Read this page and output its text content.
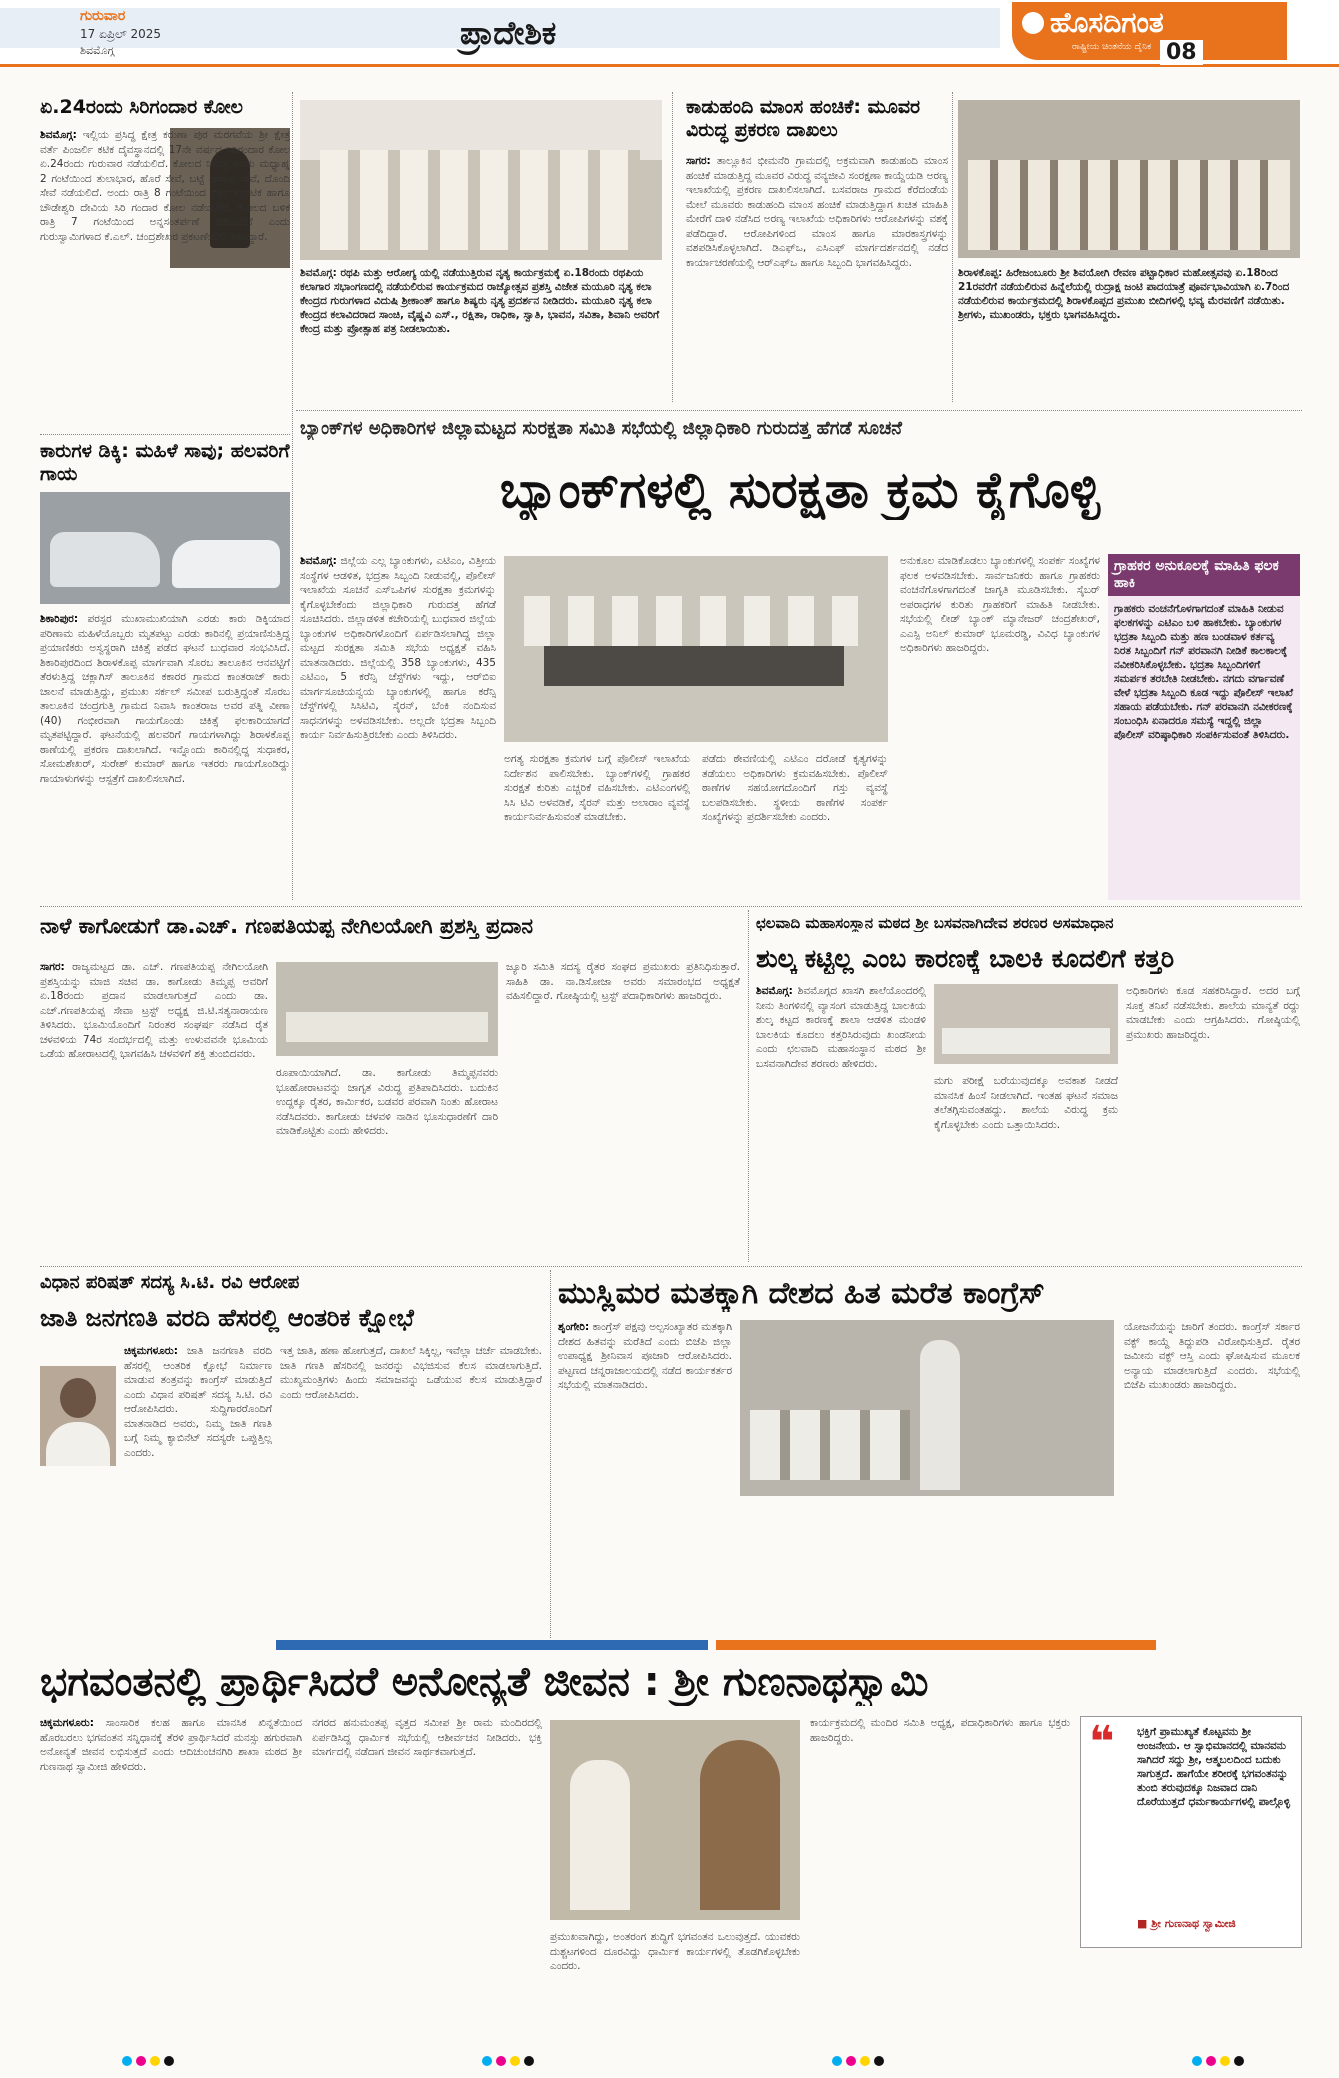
ಗುರುವಾರ
17 ಏಪ್ರಿಲ್ 2025
ಶಿವಮೊಗ್ಗ	ಪ್ರಾದೇಶಿಕ	ಹೊಸದಿಗಂತ
ರಾಷ್ಟ್ರೀಯ ಚಿಂತನೆಯ ದೈನಿಕ 08
ಏ.24ರಂದು ಸಿರಿಗಂದಾರ ಕೋಲ
ಶಿವಮೊಗ್ಗ: ಇಲ್ಲಿಯ ಪ್ರಸಿದ್ಧ ಕ್ಷೇತ್ರ ಕರುಣಾ ಪುರ ಮರಗವೆಯ ಶ್ರೀ ಕ್ಷೇತ್ರ ವರ್ತೆ ಪಿಂಜರ್ಲಿ ಕಟಿಕ ದೈವಸ್ಥಾನದಲ್ಲಿ 17ನೇ ವರ್ಷದ ಸಿರಿಗಂದಾರ ಕೋಲ ಏ.24ರಂದು ಗುರುವಾರ ನಡೆಯಲಿದೆ. ಕೋಲದ ನಿಮಿತ್ತ ಅಂದು ಮಧ್ಯಾಹ್ನ 2 ಗಂಟೆಯಿಂದ ತುಲಾಭಾರ, ಹೊರೆ ಸೇವೆ, ಬಟ್ಟೆ ಹಾಸುವ ಸೇವೆ, ದೊಂದಿ ಸೇವೆ ನಡೆಯಲಿದೆ. ಅಂದು ರಾತ್ರಿ 8 ಗಂಟೆಯಿಂದ ವರ್ತೆ ಕಲ್ಲುಟಿಕ ಹಾಗೂ ಚೌಡೇಶ್ವರಿ ದೇವಿಯ ಸಿರಿ ಗಂದಾರ ಕೋಲ ನಡೆಯಲಿದೆ. ಕೋಲದ ಬಳಿಕ ರಾತ್ರಿ 7 ಗಂಟೆಯಿಂದ ಅನ್ನಸಂತರ್ಪಣೆ ನಡೆಯಲಿದೆ ಎಂದು ಗುರುಸ್ವಾಮಿಗಳಾದ ಕೆ.ಎಲ್. ಚಂದ್ರಶೇಖರ ಪ್ರಕಟಣೆಯಲ್ಲಿ ತಿಳಿಸಿದ್ದಾರೆ.
ಕಾರುಗಳ ಡಿಕ್ಕಿ: ಮಹಿಳೆ ಸಾವು; ಹಲವರಿಗೆ ಗಾಯ
ಶಿಕಾರಿಪುರ: ಪರಸ್ಪರ ಮುಖಾಮುಖಿಯಾಗಿ ಎರಡು ಕಾರು ಡಿಕ್ಕಿಯಾದ ಪರಿಣಾಮ ಮಹಿಳೆಯೊಬ್ಬರು ಮೃತಪಟ್ಟು ಎರಡು ಕಾರಿನಲ್ಲಿ ಪ್ರಯಾಣಿಸುತ್ತಿದ್ದ ಪ್ರಯಾಣಿಕರು ಅಸ್ವಸ್ಥರಾಗಿ ಚಿಕಿತ್ಸೆ ಪಡೆದ ಘಟನೆ ಬುಧವಾರ ಸಂಭವಿಸಿದೆ. ಶಿಕಾರಿಪುರದಿಂದ ಶಿರಾಳಕೊಪ್ಪ ಮಾರ್ಗವಾಗಿ ಸೊರಬ ತಾಲೂಕಿನ ಆನವಟ್ಟಿಗೆ ತೆರಳುತ್ತಿದ್ದ ಚಕ್ಲಾಗಿಸ್ ತಾಲೂಕಿನ ಕಕಾರರ ಗ್ರಾಮದ ಕಾಂತರಾಜ್ ಕಾರು ಚಾಲನೆ ಮಾಡುತ್ತಿದ್ದು, ಪ್ರಮುಖ ಸರ್ಕಲ್ ಸಮೀಪ ಬರುತ್ತಿದ್ದಂತೆ ಸೊರಬ ತಾಲೂಕಿನ ಚಂದ್ರಗುತ್ತಿ ಗ್ರಾಮದ ನಿವಾಸಿ ಕಾಂತರಾಜ ಅವರ ಪತ್ನಿ ವೀಣಾ (40) ಗಂಭೀರವಾಗಿ ಗಾಯಗೊಂಡು ಚಿಕಿತ್ಸೆ ಫಲಕಾರಿಯಾಗದೆ ಮೃತಪಟ್ಟಿದ್ದಾರೆ. ಘಟನೆಯಲ್ಲಿ ಹಲವರಿಗೆ ಗಾಯಗಳಾಗಿದ್ದು ಶಿರಾಳಕೊಪ್ಪ ಠಾಣೆಯಲ್ಲಿ ಪ್ರಕರಣ ದಾಖಲಾಗಿದೆ. ಇನ್ನೊಂದು ಕಾರಿನಲ್ಲಿದ್ದ ಸುಧಾಕರ, ಸೋಮಶೇಖರ್, ಸುರೇಶ್ ಕುಮಾರ್ ಹಾಗೂ ಇತರರು ಗಾಯಗೊಂಡಿದ್ದು ಗಾಯಾಳುಗಳನ್ನು ಆಸ್ಪತ್ರೆಗೆ ದಾಖಲಿಸಲಾಗಿದೆ.
ಶಿವಮೊಗ್ಗ: ರಥಪಿ ಮತ್ತು ಆರೋಗ್ಯ ಯಲ್ಲಿ ನಡೆಯುತ್ತಿರುವ ನೃತ್ಯ ಕಾರ್ಯಕ್ರಮಕ್ಕೆ ಏ.18ರಂದು ರಥಪಿಯ ಕಲಾಗಾರ ಸಭಾಂಗಣದಲ್ಲಿ ನಡೆಯಲಿರುವ ಕಾರ್ಯಕ್ರಮದ ರಾಜ್ಯೋತ್ಸವ ಪ್ರಶಸ್ತಿ ವಿಜೇತ ಮಯೂರಿ ನೃತ್ಯ ಕಲಾ ಕೇಂದ್ರದ ಗುರುಗಳಾದ ವಿದುಷಿ ಶ್ರೀಕಾಂತ್ ಹಾಗೂ ಶಿಷ್ಯರು ನೃತ್ಯ ಪ್ರದರ್ಶನ ನೀಡಿದರು. ಮಯೂರಿ ನೃತ್ಯ ಕಲಾ ಕೇಂದ್ರದ ಕಲಾವಿದರಾದ ಸಾಂಚಿ, ವೈಷ್ಣವಿ ಎಸ್., ರಕ್ಷಿತಾ, ರಾಧಿಕಾ, ಸ್ವಾತಿ, ಭಾವನ, ಸವಿತಾ, ಶಿವಾನಿ ಅವರಿಗೆ ಕೇಂದ್ರ ಮತ್ತು ಪ್ರೋತ್ಸಾಹ ಪತ್ರ ನೀಡಲಾಯಿತು.
ಕಾಡುಹಂದಿ ಮಾಂಸ ಹಂಚಿಕೆ: ಮೂವರ ವಿರುದ್ಧ ಪ್ರಕರಣ ದಾಖಲು
ಸಾಗರ: ತಾಲ್ಲೂಕಿನ ಭೀಮನೆರಿ ಗ್ರಾಮದಲ್ಲಿ ಅಕ್ರಮವಾಗಿ ಕಾಡುಹಂದಿ ಮಾಂಸ ಹಂಚಿಕೆ ಮಾಡುತ್ತಿದ್ದ ಮೂವರ ವಿರುದ್ಧ ವನ್ಯಜೀವಿ ಸಂರಕ್ಷಣಾ ಕಾಯ್ದೆಯಡಿ ಅರಣ್ಯ ಇಲಾಖೆಯಲ್ಲಿ ಪ್ರಕರಣ ದಾಖಲಿಸಲಾಗಿದೆ. ಬಸವರಾಜ ಗ್ರಾಮದ ಕೆರೆದಂಡೆಯ ಮೇಲೆ ಮೂವರು ಕಾಡುಹಂದಿ ಮಾಂಸ ಹಂಚಿಕೆ ಮಾಡುತ್ತಿದ್ದಾಗ ಖಚಿತ ಮಾಹಿತಿ ಮೇರೆಗೆ ದಾಳಿ ನಡೆಸಿದ ಅರಣ್ಯ ಇಲಾಖೆಯ ಅಧಿಕಾರಿಗಳು ಆರೋಪಿಗಳನ್ನು ವಶಕ್ಕೆ ಪಡೆದಿದ್ದಾರೆ. ಆರೋಪಿಗಳಿಂದ ಮಾಂಸ ಹಾಗೂ ಮಾರಕಾಸ್ತ್ರಗಳನ್ನು ವಶಪಡಿಸಿಕೊಳ್ಳಲಾಗಿದೆ. ಡಿಎಫ್‌ಒ, ಎಸಿಎಫ್ ಮಾರ್ಗದರ್ಶನದಲ್ಲಿ ನಡೆದ ಕಾರ್ಯಾಚರಣೆಯಲ್ಲಿ ಆರ್‌ಎಫ್‌ಒ ಹಾಗೂ ಸಿಬ್ಬಂದಿ ಭಾಗವಹಿಸಿದ್ದರು.
ಶಿರಾಳಕೊಪ್ಪ: ಹಿರೇಜಂಬೂರು ಶ್ರೀ ಶಿವಯೋಗಿ ರೇವಣ ಪಟ್ಟಾಧಿಕಾರ ಮಹೋತ್ಸವವು ಏ.18ರಿಂದ 21ರವರೆಗೆ ನಡೆಯಲಿರುವ ಹಿನ್ನೆಲೆಯಲ್ಲಿ ರುದ್ರಾಕ್ಷ ಜಂಟಿ ಪಾದಯಾತ್ರೆ ಪೂರ್ವಭಾವಿಯಾಗಿ ಏ.7ರಿಂದ ನಡೆಯಲಿರುವ ಕಾರ್ಯಕ್ರಮದಲ್ಲಿ ಶಿರಾಳಕೊಪ್ಪದ ಪ್ರಮುಖ ಬೀದಿಗಳಲ್ಲಿ ಭವ್ಯ ಮೆರವಣಿಗೆ ನಡೆಯಿತು. ಶ್ರೀಗಳು, ಮುಖಂಡರು, ಭಕ್ತರು ಭಾಗವಹಿಸಿದ್ದರು.
ಬ್ಯಾಂಕ್‌ಗಳ ಅಧಿಕಾರಿಗಳ ಜಿಲ್ಲಾಮಟ್ಟದ ಸುರಕ್ಷತಾ ಸಮಿತಿ ಸಭೆಯಲ್ಲಿ ಜಿಲ್ಲಾಧಿಕಾರಿ ಗುರುದತ್ತ ಹೆಗಡೆ ಸೂಚನೆ
ಬ್ಯಾಂಕ್‌ಗಳಲ್ಲಿ ಸುರಕ್ಷತಾ ಕ್ರಮ ಕೈಗೊಳ್ಳಿ
ಶಿವಮೊಗ್ಗ: ಜಿಲ್ಲೆಯ ಎಲ್ಲ ಬ್ಯಾಂಕುಗಳು, ಎಟಿಎಂ, ವಿತ್ತೀಯ ಸಂಸ್ಥೆಗಳ ಆಡಳಿತ, ಭದ್ರತಾ ಸಿಬ್ಬಂದಿ ನೀಡುವಲ್ಲಿ, ಪೊಲೀಸ್ ಇಲಾಖೆಯ ಸೂಚನೆ ಎಸ್‌ಒಪಿಗಳ ಸುರಕ್ಷತಾ ಕ್ರಮಗಳನ್ನು ಕೈಗೊಳ್ಳಬೇಕೆಂದು ಜಿಲ್ಲಾಧಿಕಾರಿ ಗುರುದತ್ತ ಹೆಗಡೆ ಸೂಚಿಸಿದರು. ಜಿಲ್ಲಾಡಳಿತ ಕಚೇರಿಯಲ್ಲಿ ಬುಧವಾರ ಜಿಲ್ಲೆಯ ಬ್ಯಾಂಕುಗಳ ಅಧಿಕಾರಿಗಳೊಂದಿಗೆ ಏರ್ಪಡಿಸಲಾಗಿದ್ದ ಜಿಲ್ಲಾ ಮಟ್ಟದ ಸುರಕ್ಷತಾ ಸಮಿತಿ ಸಭೆಯ ಅಧ್ಯಕ್ಷತೆ ವಹಿಸಿ ಮಾತನಾಡಿದರು. ಜಿಲ್ಲೆಯಲ್ಲಿ 358 ಬ್ಯಾಂಕುಗಳು, 435 ಎಟಿಎಂ, 5 ಕರೆನ್ಸಿ ಚೆಸ್ಟ್‌ಗಳು ಇದ್ದು, ಆರ್‌ಬಿಐ ಮಾರ್ಗಸೂಚಿಯನ್ವಯ ಬ್ಯಾಂಕುಗಳಲ್ಲಿ ಹಾಗೂ ಕರೆನ್ಸಿ ಚೆಸ್ಟ್‌ಗಳಲ್ಲಿ ಸಿಸಿಟಿವಿ, ಸೈರನ್, ಬೆಂಕಿ ನಂದಿಸುವ ಸಾಧನಗಳನ್ನು ಅಳವಡಿಸಬೇಕು. ಅಲ್ಲದೇ ಭದ್ರತಾ ಸಿಬ್ಬಂದಿ ಕಾರ್ಯ ನಿರ್ವಹಿಸುತ್ತಿರಬೇಕು ಎಂದು ತಿಳಿಸಿದರು.
ಅಗತ್ಯ ಸುರಕ್ಷತಾ ಕ್ರಮಗಳ ಬಗ್ಗೆ ಪೊಲೀಸ್ ಇಲಾಖೆಯ ನಿರ್ದೇಶನ ಪಾಲಿಸಬೇಕು. ಬ್ಯಾಂಕ್‌ಗಳಲ್ಲಿ ಗ್ರಾಹಕರ ಸುರಕ್ಷತೆ ಕುರಿತು ಎಚ್ಚರಿಕೆ ವಹಿಸಬೇಕು. ಎಟಿಎಂಗಳಲ್ಲಿ ಸಿಸಿ ಟಿವಿ ಅಳವಡಿಕೆ, ಸೈರನ್ ಮತ್ತು ಅಲಾರಾಂ ವ್ಯವಸ್ಥೆ ಕಾರ್ಯನಿರ್ವಹಿಸುವಂತೆ ಮಾಡಬೇಕು.
ಪಡೆದು ಠೇವಣಿಯಲ್ಲಿ ಎಟಿಎಂ ದರೋಡೆ ಕೃತ್ಯಗಳನ್ನು ತಡೆಯಲು ಅಧಿಕಾರಿಗಳು ಕ್ರಮವಹಿಸಬೇಕು. ಪೊಲೀಸ್ ಠಾಣೆಗಳ ಸಹಯೋಗದೊಂದಿಗೆ ಗಸ್ತು ವ್ಯವಸ್ಥೆ ಬಲಪಡಿಸಬೇಕು. ಸ್ಥಳೀಯ ಠಾಣೆಗಳ ಸಂಪರ್ಕ ಸಂಖ್ಯೆಗಳನ್ನು ಪ್ರದರ್ಶಿಸಬೇಕು ಎಂದರು.
ಅನುಕೂಲ ಮಾಡಿಕೊಡಲು ಬ್ಯಾಂಕುಗಳಲ್ಲಿ ಸಂಪರ್ಕ ಸಂಖ್ಯೆಗಳ ಫಲಕ ಅಳವಡಿಸಬೇಕು. ಸಾರ್ವಜನಿಕರು ಹಾಗೂ ಗ್ರಾಹಕರು ವಂಚನೆಗೊಳಗಾಗದಂತೆ ಜಾಗೃತಿ ಮೂಡಿಸಬೇಕು. ಸೈಬರ್ ಅಪರಾಧಗಳ ಕುರಿತು ಗ್ರಾಹಕರಿಗೆ ಮಾಹಿತಿ ನೀಡಬೇಕು. ಸಭೆಯಲ್ಲಿ ಲೀಡ್ ಬ್ಯಾಂಕ್ ಮ್ಯಾನೇಜರ್ ಚಂದ್ರಶೇಖರ್, ಎಎಸ್ಪಿ ಅನಿಲ್ ಕುಮಾರ್ ಭೂಮರಡ್ಡಿ, ವಿವಿಧ ಬ್ಯಾಂಕುಗಳ ಅಧಿಕಾರಿಗಳು ಹಾಜರಿದ್ದರು.
ಗ್ರಾಹಕರ ಅನುಕೂಲಕ್ಕೆ ಮಾಹಿತಿ ಫಲಕ ಹಾಕಿ
ಗ್ರಾಹಕರು ವಂಚನೆಗೊಳಗಾಗದಂತೆ ಮಾಹಿತಿ ನೀಡುವ ಫಲಕಗಳನ್ನು ಎಟಿಎಂ ಬಳಿ ಹಾಕಬೇಕು. ಬ್ಯಾಂಕುಗಳ ಭದ್ರತಾ ಸಿಬ್ಬಂದಿ ಮತ್ತು ಹಣ ಬಂಡವಾಳ ಕರ್ತವ್ಯ ನಿರತ ಸಿಬ್ಬಂದಿಗೆ ಗನ್ ಪರವಾನಗಿ ನೀಡಿಕೆ ಕಾಲಕಾಲಕ್ಕೆ ನವೀಕರಿಸಿಕೊಳ್ಳಬೇಕು. ಭದ್ರತಾ ಸಿಬ್ಬಂದಿಗಳಿಗೆ ಸಮರ್ಪಕ ತರಬೇತಿ ನೀಡಬೇಕು. ನಗದು ವರ್ಗಾವಣೆ ವೇಳೆ ಭದ್ರತಾ ಸಿಬ್ಬಂದಿ ಕೂಡ ಇದ್ದು ಪೊಲೀಸ್ ಇಲಾಖೆ ಸಹಾಯ ಪಡೆಯಬೇಕು. ಗನ್ ಪರವಾನಗಿ ನವೀಕರಣಕ್ಕೆ ಸಂಬಂಧಿಸಿ ಏನಾದರೂ ಸಮಸ್ಯೆ ಇದ್ದಲ್ಲಿ ಜಿಲ್ಲಾ ಪೊಲೀಸ್ ವರಿಷ್ಠಾಧಿಕಾರಿ ಸಂಪರ್ಕಿಸುವಂತೆ ತಿಳಿಸಿದರು.
ನಾಳೆ ಕಾಗೋಡುಗೆ ಡಾ.ಎಚ್. ಗಣಪತಿಯಪ್ಪ ನೇಗಿಲಯೋಗಿ ಪ್ರಶಸ್ತಿ ಪ್ರದಾನ
ಸಾಗರ: ರಾಜ್ಯಮಟ್ಟದ ಡಾ. ಎಚ್. ಗಣಪತಿಯಪ್ಪ ನೇಗಿಲಯೋಗಿ ಪ್ರಶಸ್ತಿಯನ್ನು ಮಾಜಿ ಸಚಿವ ಡಾ. ಕಾಗೋಡು ತಿಮ್ಮಪ್ಪ ಅವರಿಗೆ ಏ.18ರಂದು ಪ್ರದಾನ ಮಾಡಲಾಗುತ್ತದೆ ಎಂದು ಡಾ. ಎಚ್.ಗಣಪತಿಯಪ್ಪ ಸೇವಾ ಟ್ರಸ್ಟ್ ಅಧ್ಯಕ್ಷ ಜಿ.ಟಿ.ಸತ್ಯನಾರಾಯಣ ತಿಳಿಸಿದರು. ಭೂಮಿಯೊಂದಿಗೆ ನಿರಂತರ ಸಂಘರ್ಷ ನಡೆಸಿದ ರೈತ ಚಳವಳಿಯ 74ರ ಸಂದರ್ಭದಲ್ಲಿ ಮತ್ತು ಉಳುವವನೇ ಭೂಮಿಯ ಒಡೆಯ ಹೋರಾಟದಲ್ಲಿ ಭಾಗವಹಿಸಿ ಚಳವಳಿಗೆ ಶಕ್ತಿ ತುಂಬಿದವರು.
ರೂಪಾಯಿಯಾಗಿದೆ. ಡಾ. ಕಾಗೋಡು ತಿಮ್ಮಪ್ಪನವರು ಭೂಹೋರಾಟವನ್ನು ಜಾಗೃತ ವಿರುದ್ಧ ಪ್ರತಿಪಾದಿಸಿದರು. ಬದುಕಿನ ಉದ್ದಕ್ಕೂ ರೈತರ, ಕಾರ್ಮಿಕರ, ಬಡವರ ಪರವಾಗಿ ನಿಂತು ಹೋರಾಟ ನಡೆಸಿದವರು. ಕಾಗೋಡು ಚಳವಳಿ ನಾಡಿನ ಭೂಸುಧಾರಣೆಗೆ ದಾರಿ ಮಾಡಿಕೊಟ್ಟಿತು ಎಂದು ಹೇಳಿದರು.
ಜ್ಯೂರಿ ಸಮಿತಿ ಸದಸ್ಯ ರೈತರ ಸಂಘದ ಪ್ರಮುಖರು ಪ್ರತಿನಿಧಿಸುತ್ತಾರೆ. ಸಾಹಿತಿ ಡಾ. ನಾ.ಡಿಸೋಜಾ ಅವರು ಸಮಾರಂಭದ ಅಧ್ಯಕ್ಷತೆ ವಹಿಸಲಿದ್ದಾರೆ. ಗೋಷ್ಠಿಯಲ್ಲಿ ಟ್ರಸ್ಟ್ ಪದಾಧಿಕಾರಿಗಳು ಹಾಜರಿದ್ದರು.
ಛಲವಾದಿ ಮಹಾಸಂಸ್ಥಾನ ಮಠದ ಶ್ರೀ ಬಸವನಾಗಿದೇವ ಶರಣರ ಅಸಮಾಧಾನ
ಶುಲ್ಕ ಕಟ್ಟಿಲ್ಲ ಎಂಬ ಕಾರಣಕ್ಕೆ ಬಾಲಕಿ ಕೂದಲಿಗೆ ಕತ್ತರಿ
ಶಿವಮೊಗ್ಗ: ಶಿವಮೊಗ್ಗದ ಖಾಸಗಿ ಶಾಲೆಯೊಂದರಲ್ಲಿ ನೀನು ತಿಂಗಳಿನಲ್ಲಿ ವ್ಯಾಸಂಗ ಮಾಡುತ್ತಿದ್ದ ಬಾಲಕಿಯ ಶುಲ್ಕ ಕಟ್ಟದ ಕಾರಣಕ್ಕೆ ಶಾಲಾ ಆಡಳಿತ ಮಂಡಳಿ ಬಾಲಕಿಯ ಕೂದಲು ಕತ್ತರಿಸಿರುವುದು ಖಂಡನೀಯ ಎಂದು ಛಲವಾದಿ ಮಹಾಸಂಸ್ಥಾನ ಮಠದ ಶ್ರೀ ಬಸವನಾಗಿದೇವ ಶರಣರು ಹೇಳಿದರು.
ಮಗು ಪರೀಕ್ಷೆ ಬರೆಯುವುದಕ್ಕೂ ಅವಕಾಶ ನೀಡದೆ ಮಾನಸಿಕ ಹಿಂಸೆ ನೀಡಲಾಗಿದೆ. ಇಂತಹ ಘಟನೆ ಸಮಾಜ ತಲೆತಗ್ಗಿಸುವಂತಹದ್ದು. ಶಾಲೆಯ ವಿರುದ್ಧ ಕ್ರಮ ಕೈಗೊಳ್ಳಬೇಕು ಎಂದು ಒತ್ತಾಯಿಸಿದರು.
ಅಧಿಕಾರಿಗಳು ಕೂಡ ಸಹಕರಿಸಿದ್ದಾರೆ. ಅದರ ಬಗ್ಗೆ ಸೂಕ್ತ ತನಿಖೆ ನಡೆಸಬೇಕು. ಶಾಲೆಯ ಮಾನ್ಯತೆ ರದ್ದು ಮಾಡಬೇಕು ಎಂದು ಆಗ್ರಹಿಸಿದರು. ಗೋಷ್ಠಿಯಲ್ಲಿ ಪ್ರಮುಖರು ಹಾಜರಿದ್ದರು.
ವಿಧಾನ ಪರಿಷತ್ ಸದಸ್ಯ ಸಿ.ಟಿ. ರವಿ ಆರೋಪ
ಜಾತಿ ಜನಗಣತಿ ವರದಿ ಹೆಸರಲ್ಲಿ ಆಂತರಿಕ ಕ್ಷೋಭೆ
ಚಿಕ್ಕಮಗಳೂರು: ಜಾತಿ ಜನಗಣತಿ ವರದಿ ಹೆಸರಲ್ಲಿ ಆಂತರಿಕ ಕ್ಷೋಭೆ ನಿರ್ಮಾಣ ಮಾಡುವ ತಂತ್ರವನ್ನು ಕಾಂಗ್ರೆಸ್ ಮಾಡುತ್ತಿದೆ ಎಂದು ವಿಧಾನ ಪರಿಷತ್ ಸದಸ್ಯ ಸಿ.ಟಿ. ರವಿ ಆರೋಪಿಸಿದರು. ಸುದ್ದಿಗಾರರೊಂದಿಗೆ ಮಾತನಾಡಿದ ಅವರು, ನಿಮ್ಮ ಜಾತಿ ಗಣತಿ ಬಗ್ಗೆ ನಿಮ್ಮ ಕ್ಯಾಬಿನೆಟ್ ಸದಸ್ಯರೇ ಒಪ್ಪುತ್ತಿಲ್ಲ ಎಂದರು.
ಇತ್ತ ಜಾತಿ, ಹಣಾ ಹೋಗುತ್ತದೆ, ದಾಖಲೆ ಸಿಕ್ಕಿಲ್ಲ, ಇವೆಲ್ಲಾ ಚರ್ಚೆ ಮಾಡಬೇಕು. ಜಾತಿ ಗಣತಿ ಹೆಸರಿನಲ್ಲಿ ಜನರನ್ನು ವಿಭಜಿಸುವ ಕೆಲಸ ಮಾಡಲಾಗುತ್ತಿದೆ. ಮುಖ್ಯಮಂತ್ರಿಗಳು ಹಿಂದು ಸಮಾಜವನ್ನು ಒಡೆಯುವ ಕೆಲಸ ಮಾಡುತ್ತಿದ್ದಾರೆ ಎಂದು ಆರೋಪಿಸಿದರು.
ಮುಸ್ಲಿಮರ ಮತಕ್ಕಾಗಿ ದೇಶದ ಹಿತ ಮರೆತ ಕಾಂಗ್ರೆಸ್
ಶೃಂಗೇರಿ: ಕಾಂಗ್ರೆಸ್ ಪಕ್ಷವು ಅಲ್ಪಸಂಖ್ಯಾತರ ಮತಕ್ಕಾಗಿ ದೇಶದ ಹಿತವನ್ನು ಮರೆತಿದೆ ಎಂದು ಬಿಜೆಪಿ ಜಿಲ್ಲಾ ಉಪಾಧ್ಯಕ್ಷ ಶ್ರೀನಿವಾಸ ಪೂಜಾರಿ ಆರೋಪಿಸಿದರು. ಪಟ್ಟಣದ ಚನ್ನರಾಜಾಲಯದಲ್ಲಿ ನಡೆದ ಕಾರ್ಯಕರ್ತರ ಸಭೆಯಲ್ಲಿ ಮಾತನಾಡಿದರು.
ಯೋಜನೆಯನ್ನು ಜಾರಿಗೆ ತಂದರು. ಕಾಂಗ್ರೆಸ್ ಸರ್ಕಾರ ವಕ್ಫ್ ಕಾಯ್ದೆ ತಿದ್ದುಪಡಿ ವಿರೋಧಿಸುತ್ತಿದೆ. ರೈತರ ಜಮೀನು ವಕ್ಫ್ ಆಸ್ತಿ ಎಂದು ಘೋಷಿಸುವ ಮೂಲಕ ಅನ್ಯಾಯ ಮಾಡಲಾಗುತ್ತಿದೆ ಎಂದರು. ಸಭೆಯಲ್ಲಿ ಬಿಜೆಪಿ ಮುಖಂಡರು ಹಾಜರಿದ್ದರು.
ಭಗವಂತನಲ್ಲಿ ಪ್ರಾರ್ಥಿಸಿದರೆ ಅನೋನ್ಯತೆ ಜೀವನ : ಶ್ರೀ ಗುಣನಾಥಸ್ವಾಮಿ
ಚಿಕ್ಕಮಗಳೂರು: ಸಾಂಸಾರಿಕ ಕಲಹ ಹಾಗೂ ಮಾನಸಿಕ ಖಿನ್ನತೆಯಿಂದ ಹೊರಬರಲು ಭಗವಂತನ ಸನ್ನಿಧಾನಕ್ಕೆ ತೆರಳಿ ಪ್ರಾರ್ಥಿಸಿದರೆ ಮನಸ್ಸು ಹಗುರವಾಗಿ ಅನೋನ್ಯತೆ ಜೀವನ ಲಭಿಸುತ್ತದೆ ಎಂದು ಆದಿಚುಂಚನಗಿರಿ ಶಾಖಾ ಮಠದ ಶ್ರೀ ಗುಣನಾಥ ಸ್ವಾಮೀಜಿ ಹೇಳಿದರು.
ನಗರದ ಹನುಮಂತಪ್ಪ ವೃತ್ತದ ಸಮೀಪ ಶ್ರೀ ರಾಮ ಮಂದಿರದಲ್ಲಿ ಏರ್ಪಡಿಸಿದ್ದ ಧಾರ್ಮಿಕ ಸಭೆಯಲ್ಲಿ ಆಶೀರ್ವಚನ ನೀಡಿದರು. ಭಕ್ತಿ ಮಾರ್ಗದಲ್ಲಿ ನಡೆದಾಗ ಜೀವನ ಸಾರ್ಥಕವಾಗುತ್ತದೆ.
ಪ್ರಮುಖವಾಗಿದ್ದು, ಅಂತರಂಗ ಶುದ್ಧಿಗೆ ಭಗವಂತನ ಒಲುವುತ್ತದೆ. ಯುವಕರು ದುಶ್ಚಟಗಳಿಂದ ದೂರವಿದ್ದು ಧಾರ್ಮಿಕ ಕಾರ್ಯಗಳಲ್ಲಿ ತೊಡಗಿಕೊಳ್ಳಬೇಕು ಎಂದರು.
ಕಾರ್ಯಕ್ರಮದಲ್ಲಿ ಮಂದಿರ ಸಮಿತಿ ಅಧ್ಯಕ್ಷ, ಪದಾಧಿಕಾರಿಗಳು ಹಾಗೂ ಭಕ್ತರು ಹಾಜರಿದ್ದರು.	❝ ಭಕ್ತಿಗೆ ಪ್ರಾಮುಖ್ಯತೆ ಕೊಟ್ಟವನು ಶ್ರೀ ಆಂಜನೇಯ. ಆ ಸ್ವಾಭಿಮಾನದಲ್ಲಿ ಮಾನವನು ಸಾಗಿದರೆ ಸದ್ದು ಶ್ರೀ, ಆತ್ಮಬಲದಿಂದ ಬದುಕು ಸಾಗುತ್ತದೆ. ಹಾಗೆಯೇ ಶರೀರಕ್ಕೆ ಭಗವಂತನನ್ನು ತುಂಬಿ ತರುವುದಕ್ಕೂ ನಿಜವಾದ ದಾನಿ ದೊರೆಯುತ್ತದೆ ಧರ್ಮಕಾರ್ಯಗಳಲ್ಲಿ ಪಾಲ್ಗೊಳ್ಳಿ
■ ಶ್ರೀ ಗುಣನಾಥ ಸ್ವಾಮೀಜಿ
